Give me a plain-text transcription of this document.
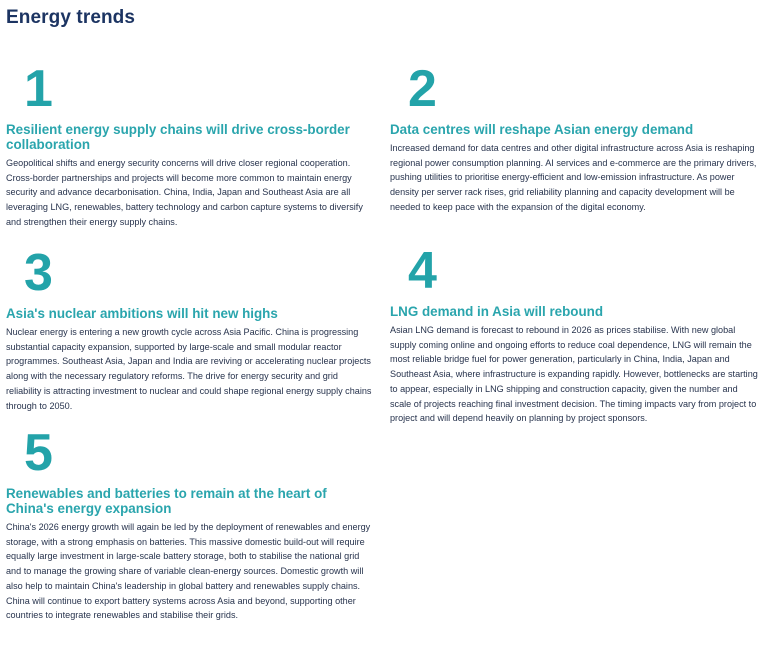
Energy trends
1
Resilient energy supply chains will drive cross-border collaboration

Geopolitical shifts and energy security concerns will drive closer regional cooperation. Cross-border partnerships and projects will become more common to maintain energy security and advance decarbonisation. China, India, Japan and Southeast Asia are all leveraging LNG, renewables, battery technology and carbon capture systems to diversify and strengthen their energy supply chains.

2
Data centres will reshape Asian energy demand

Increased demand for data centres and other digital infrastructure across Asia is reshaping regional power consumption planning. AI services and e-commerce are the primary drivers, pushing utilities to prioritise energy-efficient and low-emission infrastructure. As power density per server rack rises, grid reliability planning and capacity development will be needed to keep pace with the expansion of the digital economy.

3
Asia's nuclear ambitions will hit new highs

Nuclear energy is entering a new growth cycle across Asia Pacific. China is progressing substantial capacity expansion, supported by large-scale and small modular reactor programmes. Southeast Asia, Japan and India are reviving or accelerating nuclear projects along with the necessary regulatory reforms. The drive for energy security and grid reliability is attracting investment to nuclear and could shape regional energy supply chains through to 2050.

4
LNG demand in Asia will rebound

Asian LNG demand is forecast to rebound in 2026 as prices stabilise. With new global supply coming online and ongoing efforts to reduce coal dependence, LNG will remain the most reliable bridge fuel for power generation, particularly in China, India, Japan and Southeast Asia, where infrastructure is expanding rapidly. However, bottlenecks are starting to appear, especially in LNG shipping and construction capacity, given the number and scale of projects reaching final investment decision. The timing impacts vary from project to project and will depend heavily on planning by project sponsors.

5
Renewables and batteries to remain at the heart of China's energy expansion

China's 2026 energy growth will again be led by the deployment of renewables and energy storage, with a strong emphasis on batteries. This massive domestic build-out will require equally large investment in large-scale battery storage, both to stabilise the national grid and to manage the growing share of variable clean-energy sources. Domestic growth will also help to maintain China's leadership in global battery and renewables supply chains. China will continue to export battery systems across Asia and beyond, supporting other countries to integrate renewables and stabilise their grids.
